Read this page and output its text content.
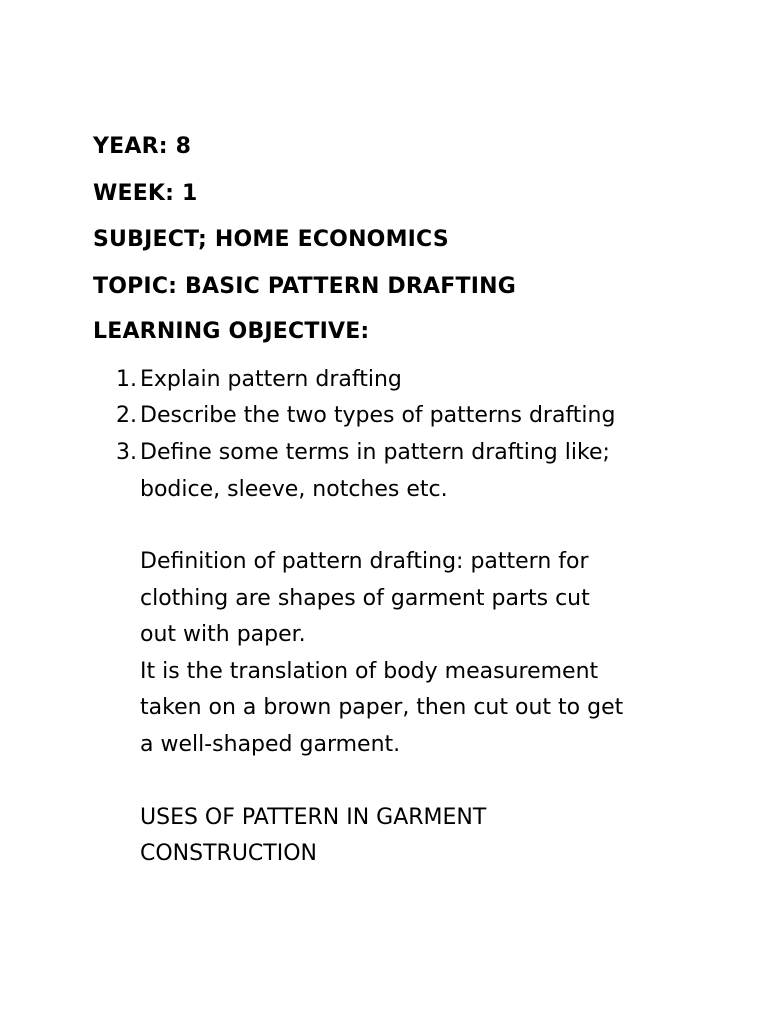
YEAR: 8
WEEK: 1
SUBJECT; HOME ECONOMICS
TOPIC: BASIC PATTERN DRAFTING
LEARNING OBJECTIVE:
1. Explain pattern drafting
2. Describe the two types of patterns drafting
3. Define some terms in pattern drafting like;
bodice, sleeve, notches etc.
Definition of pattern drafting: pattern for
clothing are shapes of garment parts cut
out with paper.
It is the translation of body measurement
taken on a brown paper, then cut out to get
a well-shaped garment.
USES OF PATTERN IN GARMENT
CONSTRUCTION
